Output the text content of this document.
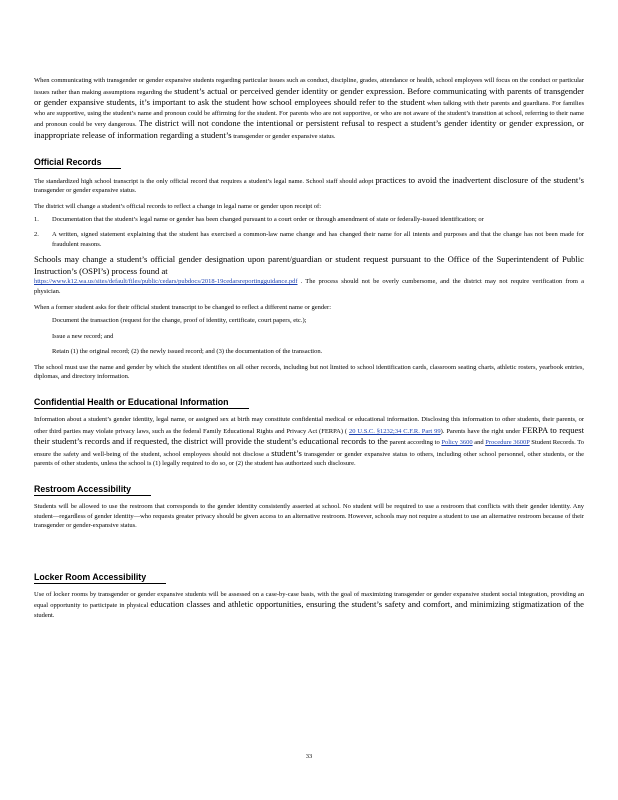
When communicating with transgender or gender expansive students regarding particular issues such as conduct, discipline, grades, attendance or health, school employees will focus on the conduct or particular issues rather than making assumptions regarding the student’s actual or perceived gender identity or gender expression. Before communicating with parents of transgender or gender expansive students, it’s important to ask the student how school employees should refer to the student when talking with their parents and guardians. For families who are supportive, using the student’s name and pronoun could be affirming for the student. For parents who are not supportive, or who are not aware of the student’s transition at school, referring to their name and pronoun could be very dangerous. The district will not condone the intentional or persistent refusal to respect a student’s gender identity or gender expression, or inappropriate release of information regarding a student’s transgender or gender expansive status.

Official Records

The standardized high school transcript is the only official record that requires a student’s legal name. School staff should adopt practices to avoid the inadvertent disclosure of the student’s transgender or gender expansive status.

The district will change a student’s official records to reflect a change in legal name or gender upon receipt of:

1.	Documentation that the student’s legal name or gender has been changed pursuant to a court order or through amendment of state or federally-issued identification; or
2.	A written, signed statement explaining that the student has exercised a common-law name change and has changed their name for all intents and purposes and that the change has not been made for fraudulent reasons.

Schools may change a student’s official gender designation upon parent/guardian or student request pursuant to the Office of the Superintendent of Public Instruction’s (OSPI’s) process found at
https://www.k12.wa.us/sites/default/files/public/cedars/pubdocs/2018-19cedarsreportingguidance.pdf . The process should not be overly cumbersome, and the district may not require verification from a physician.

When a former student asks for their official student transcript to be changed to reflect a different name or gender:

Document the transaction (request for the change, proof of identity, certificate, court papers, etc.);
Issue a new record; and
Retain (1) the original record; (2) the newly issued record; and (3) the documentation of the transaction.

The school must use the name and gender by which the student identifies on all other records, including but not limited to school identification cards, classroom seating charts, athletic rosters, yearbook entries, diplomas, and directory information.

Confidential Health or Educational Information

Information about a student’s gender identity, legal name, or assigned sex at birth may constitute confidential medical or educational information. Disclosing this information to other students, their parents, or other third parties may violate privacy laws, such as the federal Family Educational Rights and Privacy Act (FERPA) ( 20 U.S.C. §1232;34 C.F.R. Part 99). Parents have the right under FERPA to request their student’s records and if requested, the district will provide the student’s educational records to the parent according to Policy 3600 and Procedure 3600P Student Records. To ensure the safety and well-being of the student, school employees should not disclose a student’s transgender or gender expansive status to others, including other school personnel, other students, or the parents of other students, unless the school is (1) legally required to do so, or (2) the student has authorized such disclosure.

Restroom Accessibility

Students will be allowed to use the restroom that corresponds to the gender identity consistently asserted at school. No student will be required to use a restroom that conflicts with their gender identity. Any student—regardless of gender identity—who requests greater privacy should be given access to an alternative restroom. However, schools may not require a student to use an alternative restroom because of their transgender or gender-expansive status.

Locker Room Accessibility

Use of locker rooms by transgender or gender expansive students will be assessed on a case-by-case basis, with the goal of maximizing transgender or gender expansive student social integration, providing an equal opportunity to participate in physical education classes and athletic opportunities, ensuring the student’s safety and comfort, and minimizing stigmatization of the student.

33
